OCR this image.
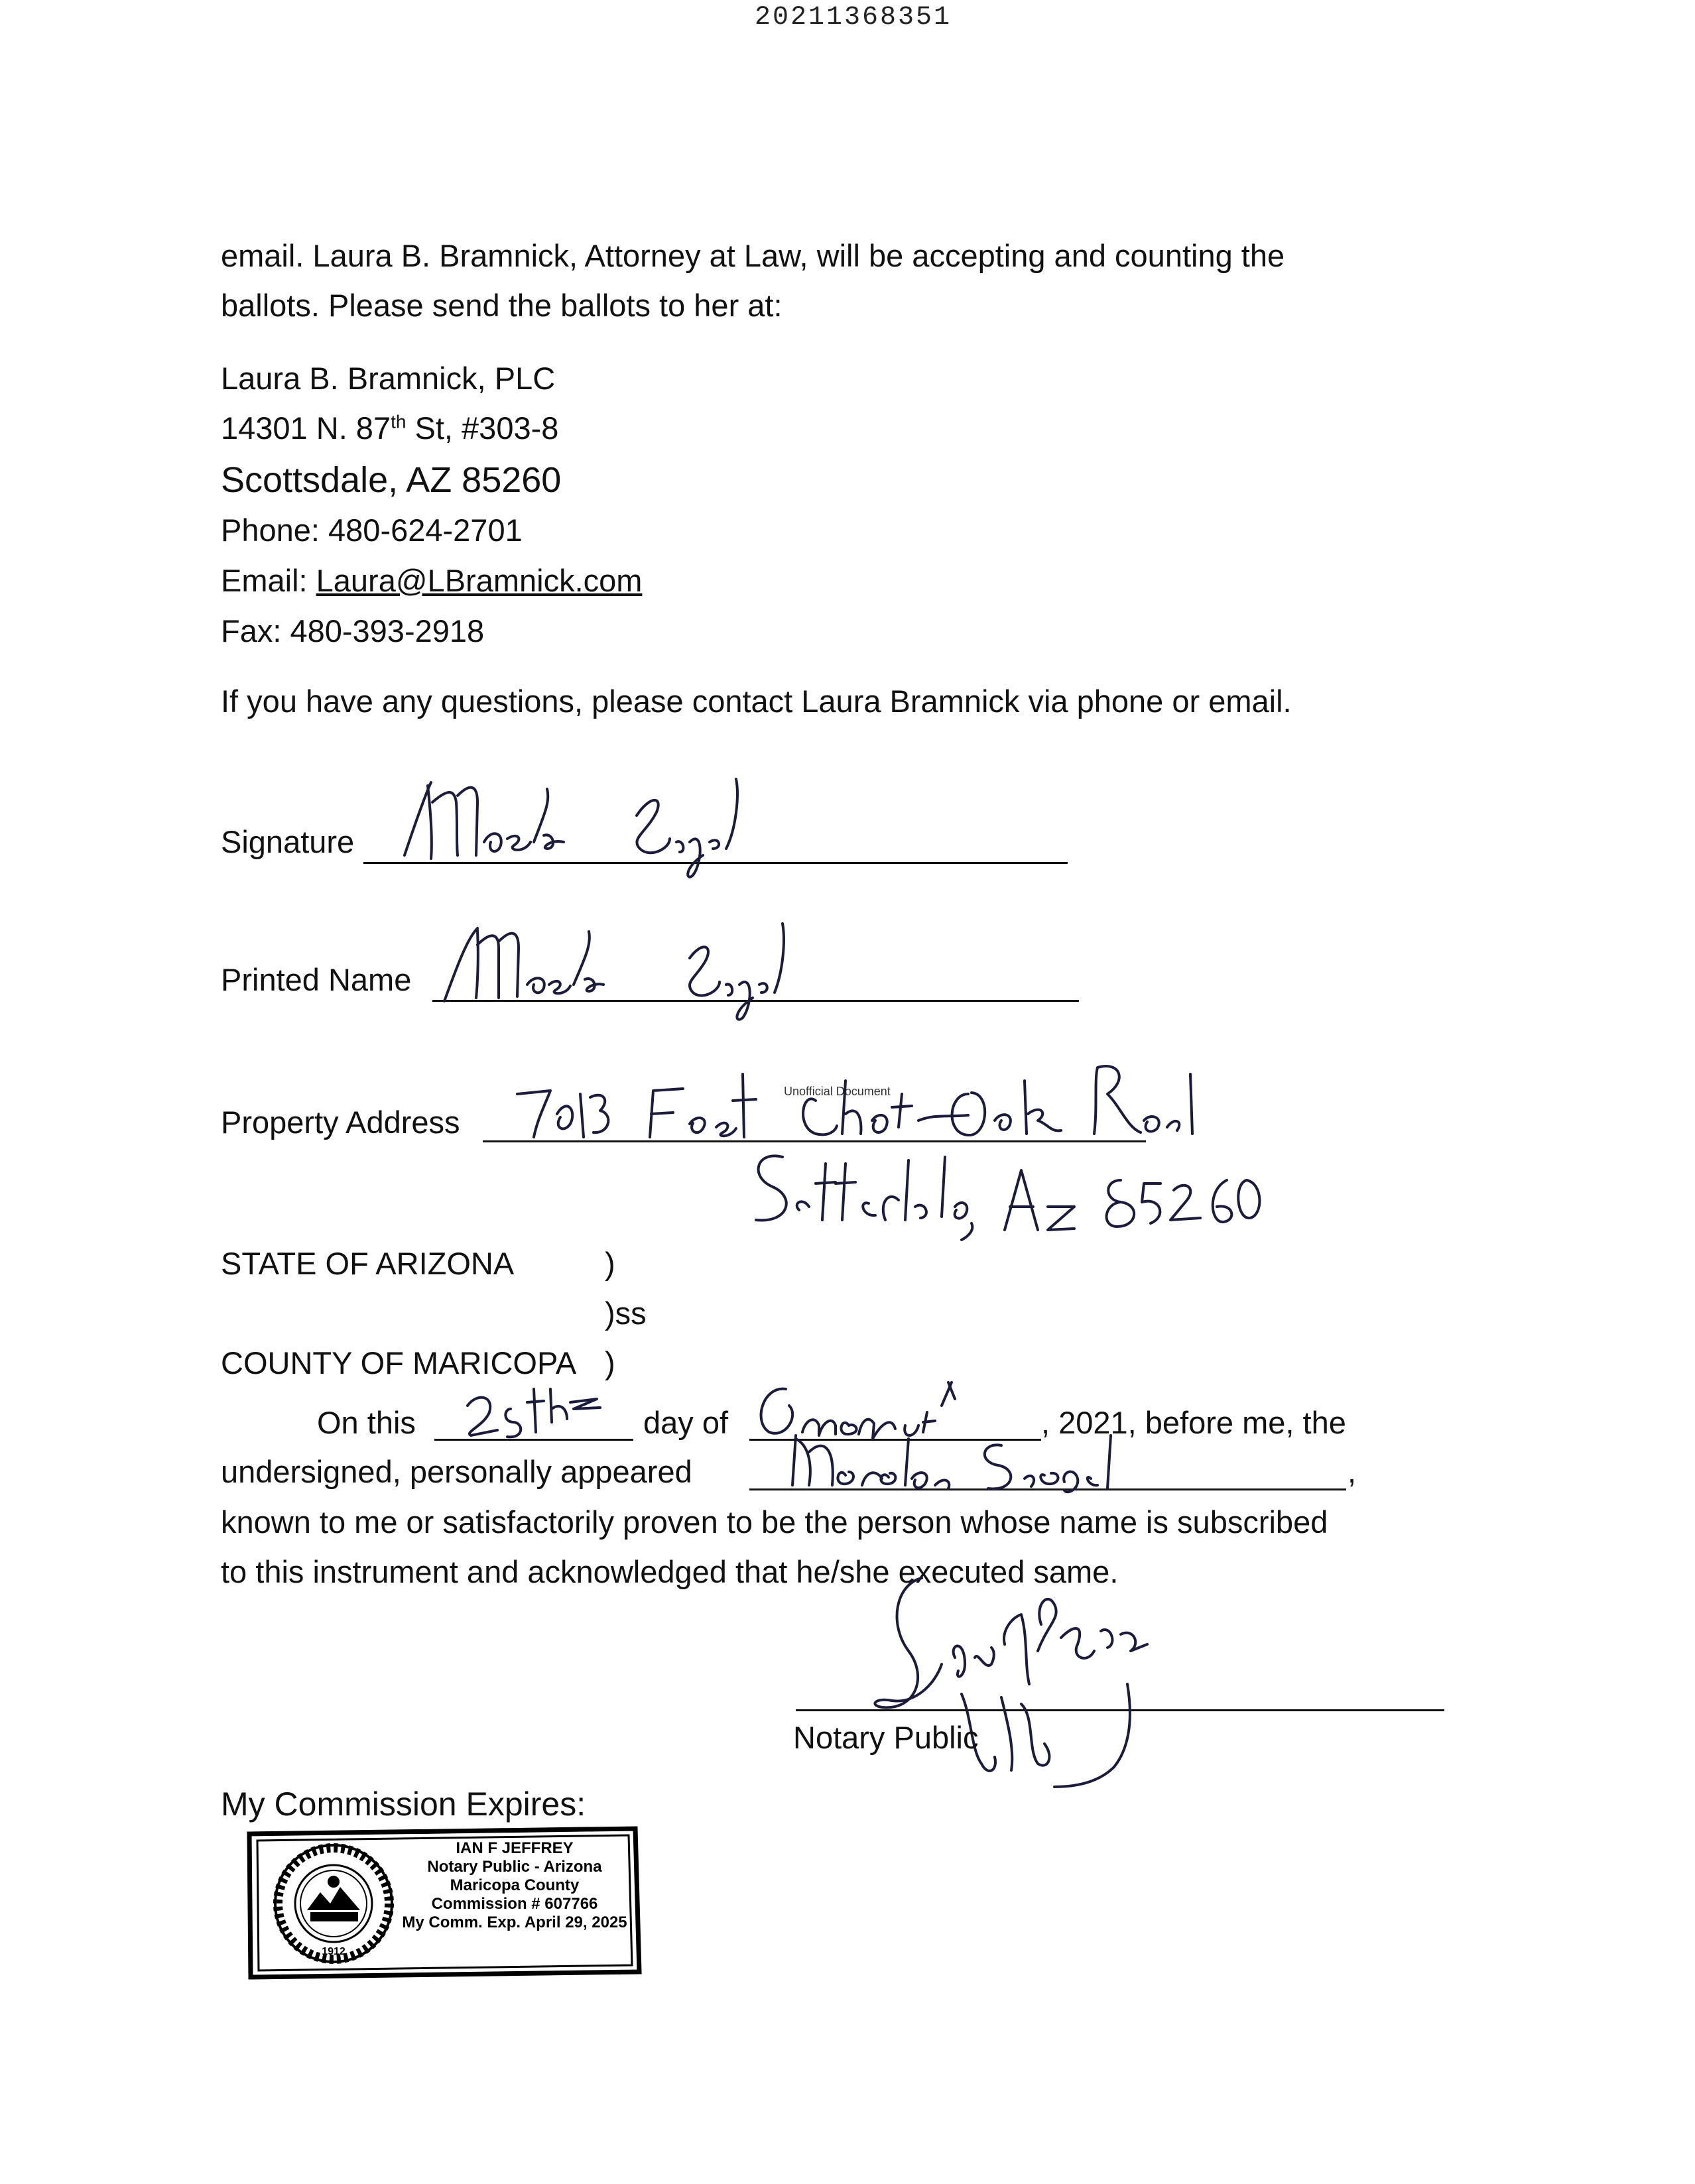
20211368351
email. Laura B. Bramnick, Attorney at Law, will be accepting and counting the
ballots. Please send the ballots to her at:
Laura B. Bramnick, PLC
14301 N. 87th St, #303-8
Scottsdale, AZ 85260
Phone: 480-624-2701
Email: Laura@LBramnick.com
Fax: 480-393-2918
If you have any questions, please contact Laura Bramnick via phone or email.
Signature
Printed Name
Property Address
Unofficial Document
STATE OF ARIZONA	)
)ss
COUNTY OF MARICOPA )
On this	day of	, 2021, before me, the
undersigned, personally appeared	,
known to me or satisfactorily proven to be the person whose name is subscribed
to this instrument and acknowledged that he/she executed same.
Notary Public
My Commission Expires:
1912
IAN F JEFFREY
Notary Public - Arizona
Maricopa County
Commission # 607766
My Comm. Exp. April 29, 2025
